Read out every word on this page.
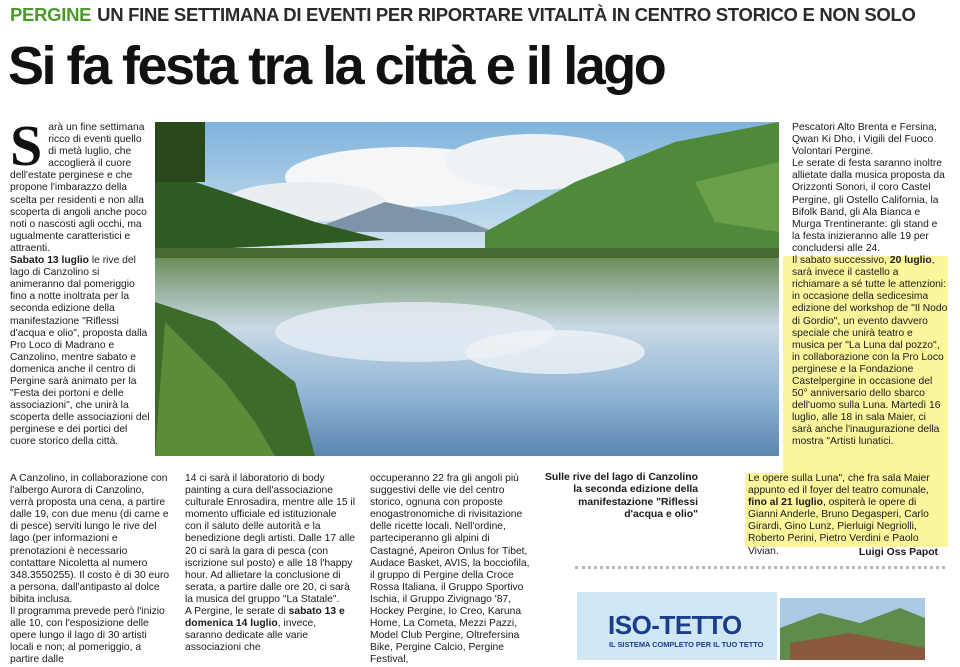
PERGINE UN FINE SETTIMANA DI EVENTI PER RIPORTARE VITALITÀ IN CENTRO STORICO E NON SOLO
Si fa festa tra la città e il lago

Sarà un fine settimana ricco di eventi quello di metà luglio, che accoglierà il cuore dell'estate perginese e che propone l'imbarazzo della scelta per residenti e non alla scoperta di angoli anche poco noti o nascosti agli occhi, ma ugualmente caratteristici e attraenti.

Sabato 13 luglio le rive del lago di Canzolino si animeranno dal pomeriggio fino a notte inoltrata per la seconda edizione della manifestazione "Riflessi d'acqua e olio", proposta dalla Pro Loco di Madrano e Canzolino, mentre sabato e domenica anche il centro di Pergine sarà animato per la "Festa dei portoni e delle associazioni", che unirà la scoperta delle associazioni del perginese e dei portici del cuore storico della città.

A Canzolino, in collaborazione con l'albergo Aurora di Canzolino, verrà proposta una cena, a partire dalle 19, con due menu (di carne e di pesce) serviti lungo le rive del lago (per informazioni e prenotazioni è necessario contattare Nicoletta al numero 348.3550255). Il costo è di 30 euro a persona, dall'antipasto al dolce bibita inclusa.

Il programma prevede però l'inizio alle 10, con l'esposizione delle opere lungo il lago di 30 artisti locali e non; al pomeriggio, a partire dalle

14 ci sarà il laboratorio di body painting a cura dell'associazione culturale Enrosadira, mentre alle 15 il momento ufficiale ed istituzionale con il saluto delle autorità e la benedizione degli artisti. Dalle 17 alle 20 ci sarà la gara di pesca (con iscrizione sul posto) e alle 18 l'happy hour. Ad allietare la conclusione di serata, a partire dalle ore 20, ci sarà la musica del gruppo "La Statale".

A Pergine, le serate di sabato 13 e domenica 14 luglio, invece, saranno dedicate alle varie associazioni che

occuperanno 22 fra gli angoli più suggestivi delle vie del centro storico, ognuna con proposte enogastronomiche di rivisitazione delle ricette locali. Nell'ordine, parteciperanno gli alpini di Castagné, Apeiron Onlus for Tibet, Audace Basket, AVIS, la bocciofila, il gruppo di Pergine della Croce Rossa Italiana, il Gruppo Sportivo Ischia, il Gruppo Zivignago '87, Hockey Pergine, Io Creo, Karuna Home, La Cometa, Mezzi Pazzi, Model Club Pergine, Oltrefersina Bike, Pergine Calcio, Pergine Festival,

Sulle rive del lago di Canzolino la seconda edizione della manifestazione "Riflessi d'acqua e olio"

Pescatori Alto Brenta e Fersina, Qwan Ki Dho, i Vigili del Fuoco Volontari Pergine.

Le serate di festa saranno inoltre allietate dalla musica proposta da Orizzonti Sonori, il coro Castel Pergine, gli Ostello California, la Bifolk Band, gli Ala Bianca e Murga Trentinerante: gli stand e la festa inizieranno alle 19 per concludersi alle 24.

Il sabato successivo, 20 luglio, sarà invece il castello a richiamare a sé tutte le attenzioni: in occasione della sedicesima edizione del workshop de "Il Nodo di Gordio", un evento davvero speciale che unirà teatro e musica per "La Luna dal pozzo", in collaborazione con la Pro Loco perginese e la Fondazione Castelpergine in occasione del 50° anniversario dello sbarco dell'uomo sulla Luna. Martedì 16 luglio, alle 18 in sala Maier, ci sarà anche l'inaugurazione della mostra "Artisti lunatici.

Le opere sulla Luna", che fra sala Maier appunto ed il foyer del teatro comunale, fino al 21 luglio, ospiterà le opere di Gianni Anderle, Bruno Degasperi, Carlo Girardi, Gino Lunz, Pierluigi Negriolli, Roberto Perini, Pietro Verdini e Paolo Vivian.	Luigi Oss Papot
ISO-TETTO
IL SISTEMA COMPLETO PER IL TUO TETTO
